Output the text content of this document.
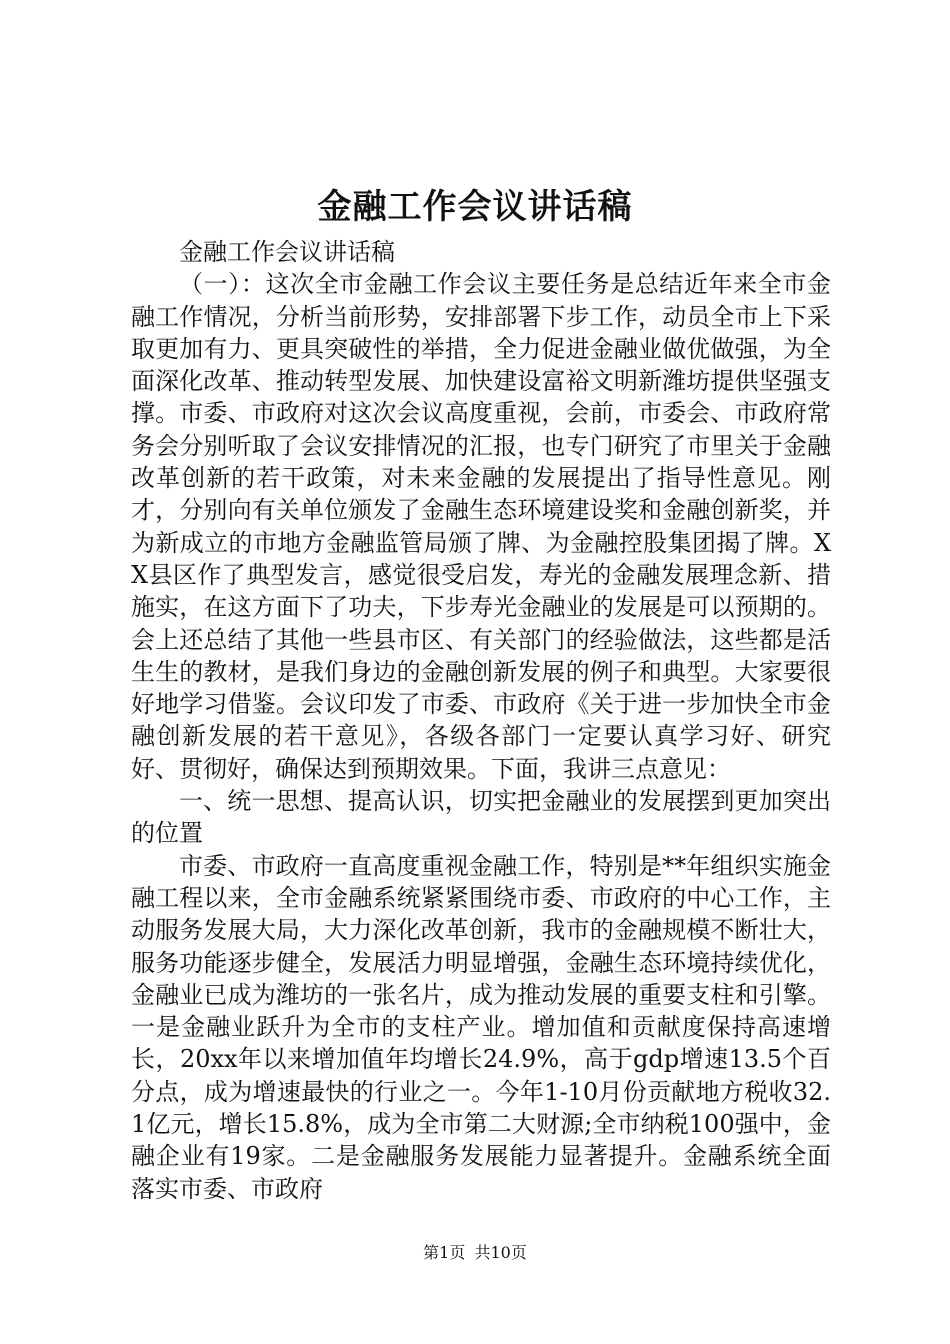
金融工作会议讲话稿

金融工作会议讲话稿

（一）：这次全市金融工作会议主要任务是总结近年来全市金融工作情况，分析当前形势，安排部署下步工作，动员全市上下采取更加有力、更具突破性的举措，全力促进金融业做优做强，为全面深化改革、推动转型发展、加快建设富裕文明新潍坊提供坚强支撑。市委、市政府对这次会议高度重视，会前，市委会、市政府常务会分别听取了会议安排情况的汇报，也专门研究了市里关于金融改革创新的若干政策，对未来金融的发展提出了指导性意见。刚才，分别向有关单位颁发了金融生态环境建设奖和金融创新奖，并为新成立的市地方金融监管局颁了牌、为金融控股集团揭了牌。XX县区作了典型发言，感觉很受启发，寿光的金融发展理念新、措施实，在这方面下了功夫，下步寿光金融业的发展是可以预期的。会上还总结了其他一些县市区、有关部门的经验做法，这些都是活生生的教材，是我们身边的金融创新发展的例子和典型。大家要很好地学习借鉴。会议印发了市委、市政府《关于进一步加快全市金融创新发展的若干意见》，各级各部门一定要认真学习好、研究好、贯彻好，确保达到预期效果。下面，我讲三点意见：

一、统一思想、提高认识，切实把金融业的发展摆到更加突出的位置

市委、市政府一直高度重视金融工作，特别是**年组织实施金融工程以来，全市金融系统紧紧围绕市委、市政府的中心工作，主动服务发展大局，大力深化改革创新，我市的金融规模不断壮大，服务功能逐步健全，发展活力明显增强，金融生态环境持续优化，金融业已成为潍坊的一张名片，成为推动发展的重要支柱和引擎。一是金融业跃升为全市的支柱产业。增加值和贡献度保持高速增长，20xx年以来增加值年均增长24.9%，高于gdp增速13.5个百分点，成为增速最快的行业之一。今年1-10月份贡献地方税收32.1亿元，增长15.8%，成为全市第二大财源;全市纳税100强中，金融企业有19家。二是金融服务发展能力显著提升。金融系统全面落实市委、市政府

第1页 共10页
